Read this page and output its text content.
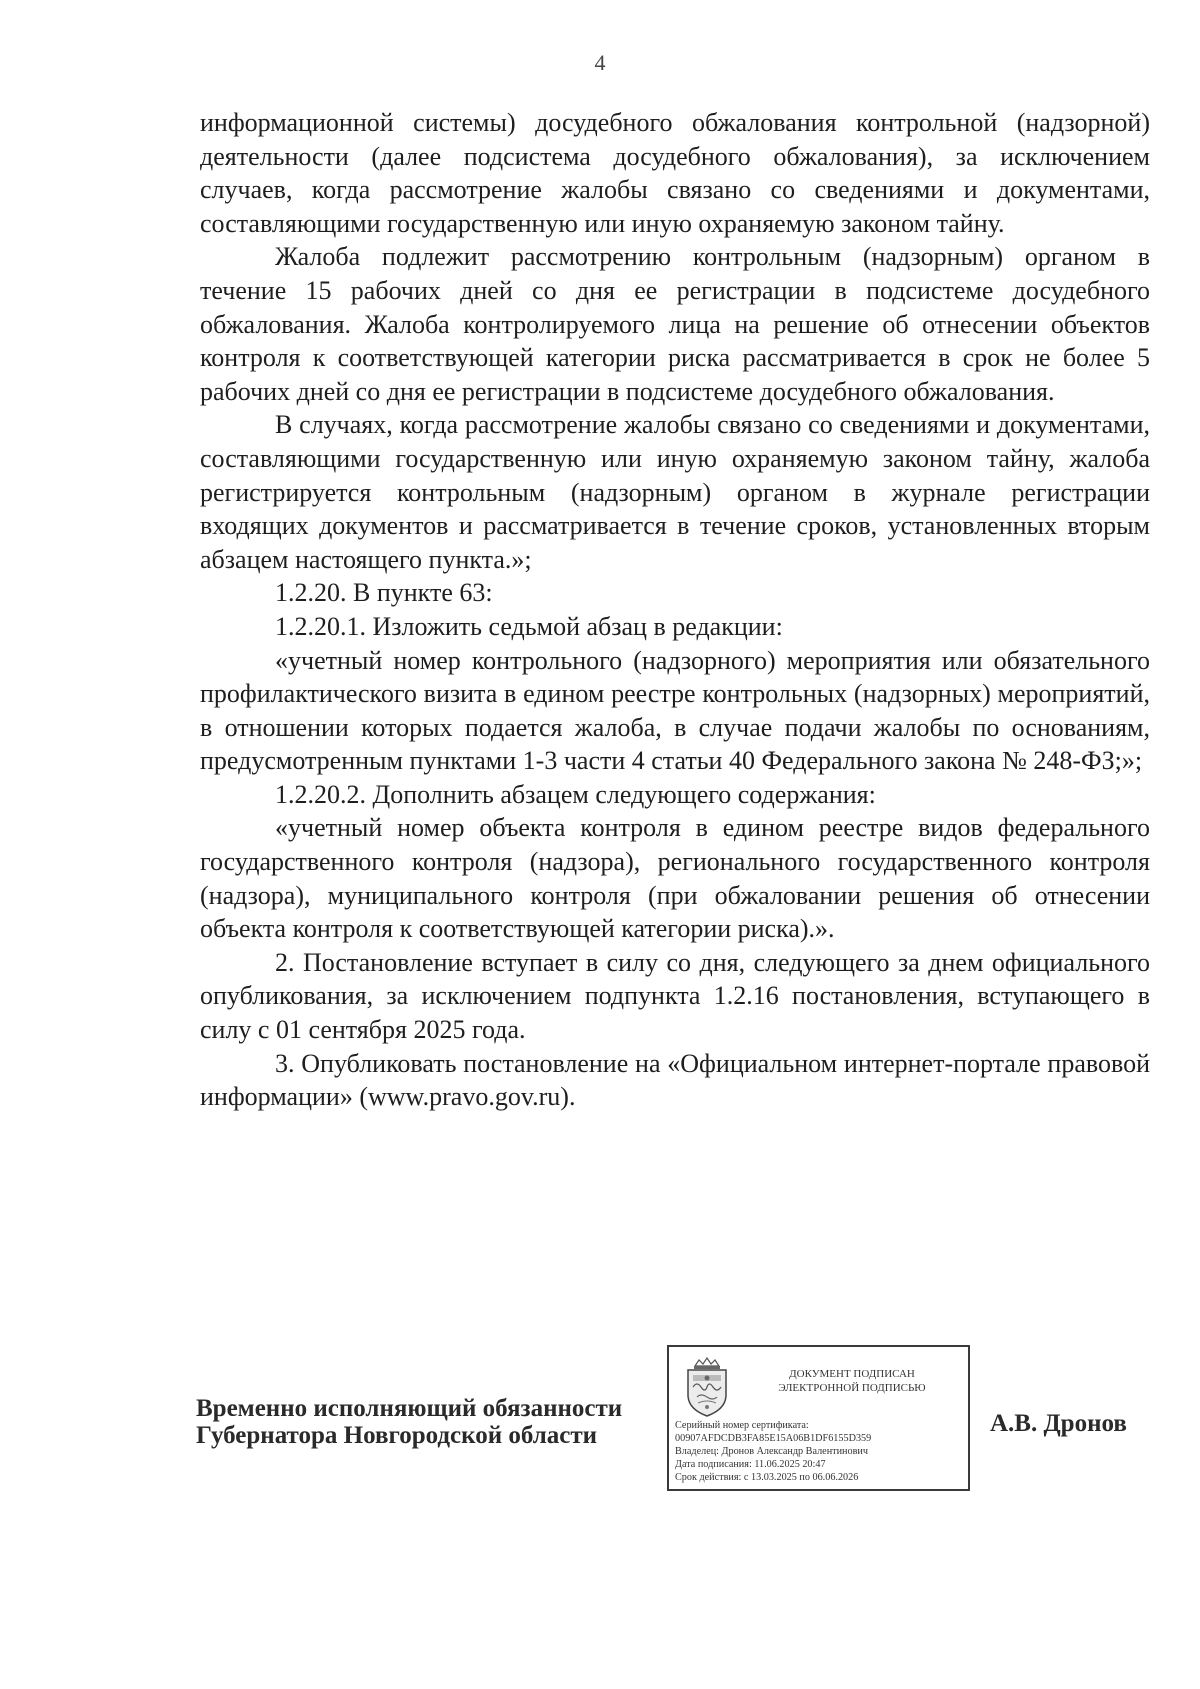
4

информационной системы) досудебного обжалования контрольной (надзорной) деятельности (далее подсистема досудебного обжалования), за исключением случаев, когда рассмотрение жалобы связано со сведениями и документами, составляющими государственную или иную охраняемую законом тайну.

Жалоба подлежит рассмотрению контрольным (надзорным) органом в течение 15 рабочих дней со дня ее регистрации в подсистеме досудебного обжалования. Жалоба контролируемого лица на решение об отнесении объектов контроля к соответствующей категории риска рассматривается в срок не более 5 рабочих дней со дня ее регистрации в подсистеме досудебного обжалования.

В случаях, когда рассмотрение жалобы связано со сведениями и документами, составляющими государственную или иную охраняемую законом тайну, жалоба регистрируется контрольным (надзорным) органом в журнале регистрации входящих документов и рассматривается в течение сроков, установленных вторым абзацем настоящего пункта.»;

1.2.20. В пункте 63:

1.2.20.1. Изложить седьмой абзац в редакции:

«учетный номер контрольного (надзорного) мероприятия или обязательного профилактического визита в едином реестре контрольных (надзорных) мероприятий, в отношении которых подается жалоба, в случае подачи жалобы по основаниям, предусмотренным пунктами 1-3 части 4 статьи 40 Федерального закона № 248-ФЗ;»;

1.2.20.2. Дополнить абзацем следующего содержания:

«учетный номер объекта контроля в едином реестре видов федерального государственного контроля (надзора), регионального государственного контроля (надзора), муниципального контроля (при обжаловании решения об отнесении объекта контроля к соответствующей категории риска).».

2. Постановление вступает в силу со дня, следующего за днем официального опубликования, за исключением подпункта 1.2.16 постановления, вступающего в силу с 01 сентября 2025 года.

3. Опубликовать постановление на «Официальном интернет-портале правовой информации» (www.pravo.gov.ru).

Временно исполняющий обязанности
Губернатора Новгородской области
ДОКУМЕНТ ПОДПИСАН
ЭЛЕКТРОННОЙ ПОДПИСЬЮ
Серийный номер сертификата:
00907AFDCDB3FA85E15A06B1DF6155D359
Владелец: Дронов Александр Валентинович
Дата подписания: 11.06.2025 20:47
Срок действия: с 13.03.2025 по 06.06.2026
А.В. Дронов
